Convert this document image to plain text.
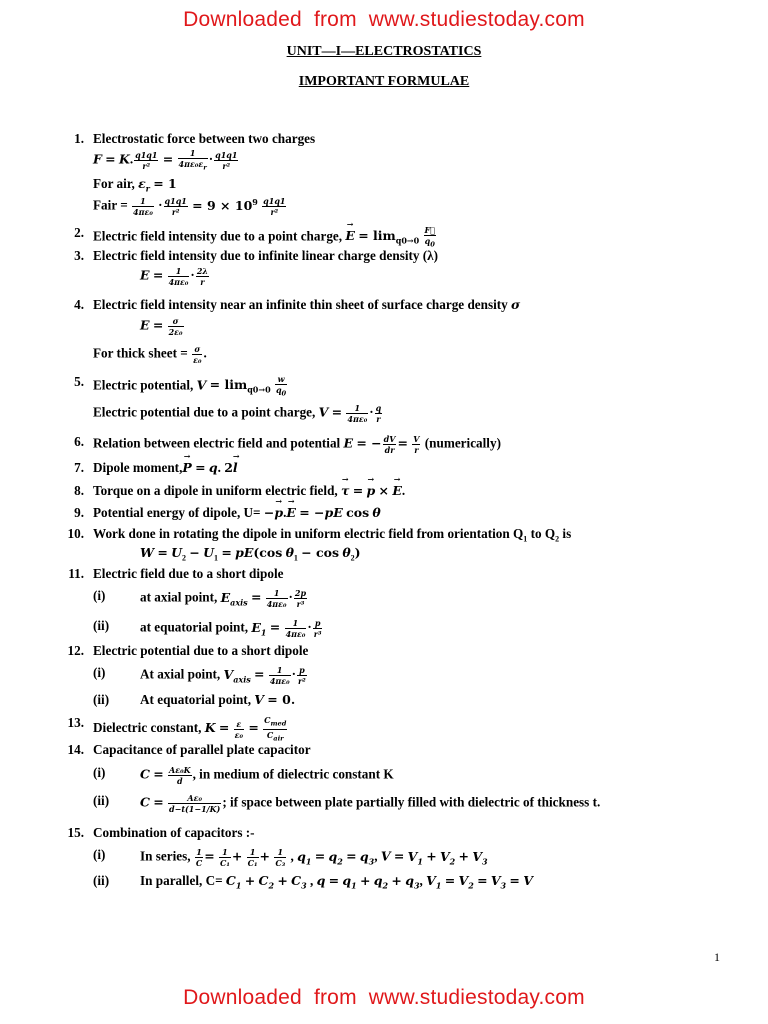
Downloaded from www.studiestoday.com
UNIT—I—ELECTROSTATICS
IMPORTANT FORMULAE
1. Electrostatic force between two charges
F = K. $\frac{q1q1}{\text{r²}} = \frac{1}{4\pi\varepsilon_0\varepsilon_r} \cdot \frac{q1q1}{\text{r²}}$
For air, $\varepsilon_r = 1$
Fair = $\frac{1}{\text{4πε₀}} \cdot \frac{q1q1}{\text{r²}} = 9 \times 10^9 \frac{q1q1}{\text{r²}}$
2. Electric field intensity due to a point charge, → $E = \lim_{q0\to 0} \frac{F⃗}{q_0}$
3. Electric field intensity due to infinite linear charge density (λ)
$E = \frac{1}{\text{4πε₀}} \cdot \frac{2\lambda}{r}$
4. Electric field intensity near an infinite thin sheet of surface charge density σ
$E = \frac{\sigma}{\text{2ε₀}}$
For thick sheet = $\frac{\sigma}{\text{ε₀}}$ .
5. Electric potential, $V = \lim_{q0\to 0} \frac{w}{q_0}$
Electric potential due to a point charge, $V = \frac{1}{\text{4πε₀}} \cdot \frac{q}{r}$
6. Relation between electric field and potential E = − $\frac{dV}{dr} = \frac{V}{r}$ (numerically)
7. Dipole moment,→ P = q. 2→ l
8. Torque on a dipole in uniform electric field, → τ = → p × → E.
9. Potential energy of dipole, U= −→ p.→ E = −pE cos θ
10. Work done in rotating the dipole in uniform electric field from orientation $Q_1$ to $Q_2$ is
$W = U_2 - U_1 = pE(\cos$ $\theta_1 - \cos \theta_2$)
11. Electric field due to a short dipole
(i)	at axial point, $E_{axis} = \frac{1}{\text{4πε₀}} \cdot \frac{2p}{\text{r³}}$
(ii) at equatorial point, $E_1 = \frac{1}{\text{4πε₀}} \cdot \frac{p}{\text{r³}}$
12. Electric potential due to a short dipole
(i)	At axial point, $V_{axis} = \frac{1}{\text{4πε₀}} \cdot \frac{p}{\text{r²}}$
(ii) At equatorial point, V = 0.
13. Dielectric constant, $K = \frac{\varepsilon}{\text{ε₀}}$ =
$C_{med}$
$C_{air}$
14. Capacitance of parallel plate capacitor
(i)	$C = \frac{\text{Aε₀K}}{d}$ , in medium of dielectric constant K
(ii) $C = \frac{\text{Aε₀}}{d-t(1-1/K)}$ ; if space between plate partially filled with dielectric of thickness t.
15. Combination of capacitors :-
(i)	In series, $\frac{1}{C} = \frac{1}{\text{C₁}} + \frac{1}{\text{C₁}} + \frac{1}{\text{C₃}}$ , $q_1 = q_2 = q_3$, $V = V_1 + V_2 + V_3$
(ii) In parallel, $C= C_1 + C_2 + C_3$ , $q = q_1 + q_2 + q_3$, $V_1 = V_2 = V_3 = V$
1
Downloaded from www.studiestoday.com
